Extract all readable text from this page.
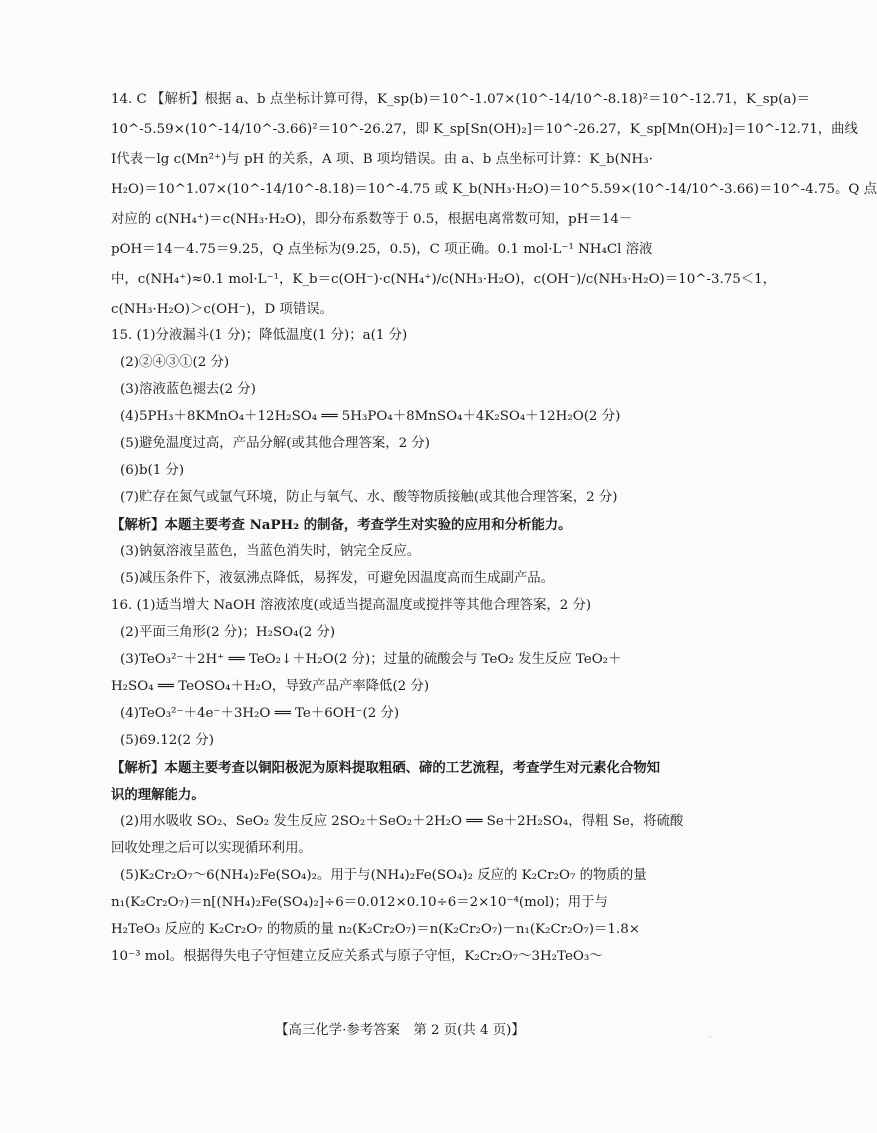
14. C 【解析】根据 a、b 点坐标计算可得，K_sp(b)＝10^-1.07×(10^-14/10^-8.18)²＝10^-12.71，K_sp(a)＝

10^-5.59×(10^-14/10^-3.66)²＝10^-26.27，即 K_sp[Sn(OH)₂]＝10^-26.27，K_sp[Mn(OH)₂]＝10^-12.71，曲线

Ⅰ代表－lg c(Mn²⁺)与 pH 的关系，A 项、B 项均错误。由 a、b 点坐标可计算：K_b(NH₃·

H₂O)＝10^1.07×(10^-14/10^-8.18)＝10^-4.75 或 K_b(NH₃·H₂O)＝10^5.59×(10^-14/10^-3.66)＝10^-4.75。Q 点

对应的 c(NH₄⁺)＝c(NH₃·H₂O)，即分布系数等于 0.5，根据电离常数可知，pH＝14－

pOH＝14－4.75＝9.25，Q 点坐标为(9.25，0.5)，C 项正确。0.1 mol·L⁻¹ NH₄Cl 溶液

中，c(NH₄⁺)≈0.1 mol·L⁻¹，K_b＝c(OH⁻)·c(NH₄⁺)/c(NH₃·H₂O)，c(OH⁻)/c(NH₃·H₂O)＝10^-3.75＜1，

c(NH₃·H₂O)＞c(OH⁻)，D 项错误。

15. (1)分液漏斗(1 分)；降低温度(1 分)；a(1 分)

(2)②④③①(2 分)

(3)溶液蓝色褪去(2 分)

(4)5PH₃＋8KMnO₄＋12H₂SO₄ ══ 5H₃PO₄＋8MnSO₄＋4K₂SO₄＋12H₂O(2 分)

(5)避免温度过高，产品分解(或其他合理答案，2 分)

(6)b(1 分)

(7)贮存在氮气或氩气环境，防止与氧气、水、酸等物质接触(或其他合理答案，2 分)

【解析】本题主要考查 NaPH₂ 的制备，考查学生对实验的应用和分析能力。

(3)钠氨溶液呈蓝色，当蓝色消失时，钠完全反应。

(5)减压条件下，液氨沸点降低，易挥发，可避免因温度高而生成副产品。

16. (1)适当增大 NaOH 溶液浓度(或适当提高温度或搅拌等其他合理答案，2 分)

(2)平面三角形(2 分)；H₂SO₄(2 分)

(3)TeO₃²⁻＋2H⁺ ══ TeO₂↓＋H₂O(2 分)；过量的硫酸会与 TeO₂ 发生反应 TeO₂＋

H₂SO₄ ══ TeOSO₄＋H₂O，导致产品产率降低(2 分)

(4)TeO₃²⁻＋4e⁻＋3H₂O ══ Te＋6OH⁻(2 分)

(5)69.12(2 分)

【解析】本题主要考查以铜阳极泥为原料提取粗硒、碲的工艺流程，考查学生对元素化合物知

识的理解能力。

(2)用水吸收 SO₂、SeO₂ 发生反应 2SO₂＋SeO₂＋2H₂O ══ Se＋2H₂SO₄，得粗 Se，将硫酸

回收处理之后可以实现循环利用。

(5)K₂Cr₂O₇～6(NH₄)₂Fe(SO₄)₂。用于与(NH₄)₂Fe(SO₄)₂ 反应的 K₂Cr₂O₇ 的物质的量

n₁(K₂Cr₂O₇)＝n[(NH₄)₂Fe(SO₄)₂]÷6＝0.012×0.10÷6＝2×10⁻⁴(mol)；用于与

H₂TeO₃ 反应的 K₂Cr₂O₇ 的物质的量 n₂(K₂Cr₂O₇)＝n(K₂Cr₂O₇)－n₁(K₂Cr₂O₇)＝1.8×

10⁻³ mol。根据得失电子守恒建立反应关系式与原子守恒，K₂Cr₂O₇～3H₂TeO₃～

【高三化学·参考答案　第 2 页(共 4 页)】	··
